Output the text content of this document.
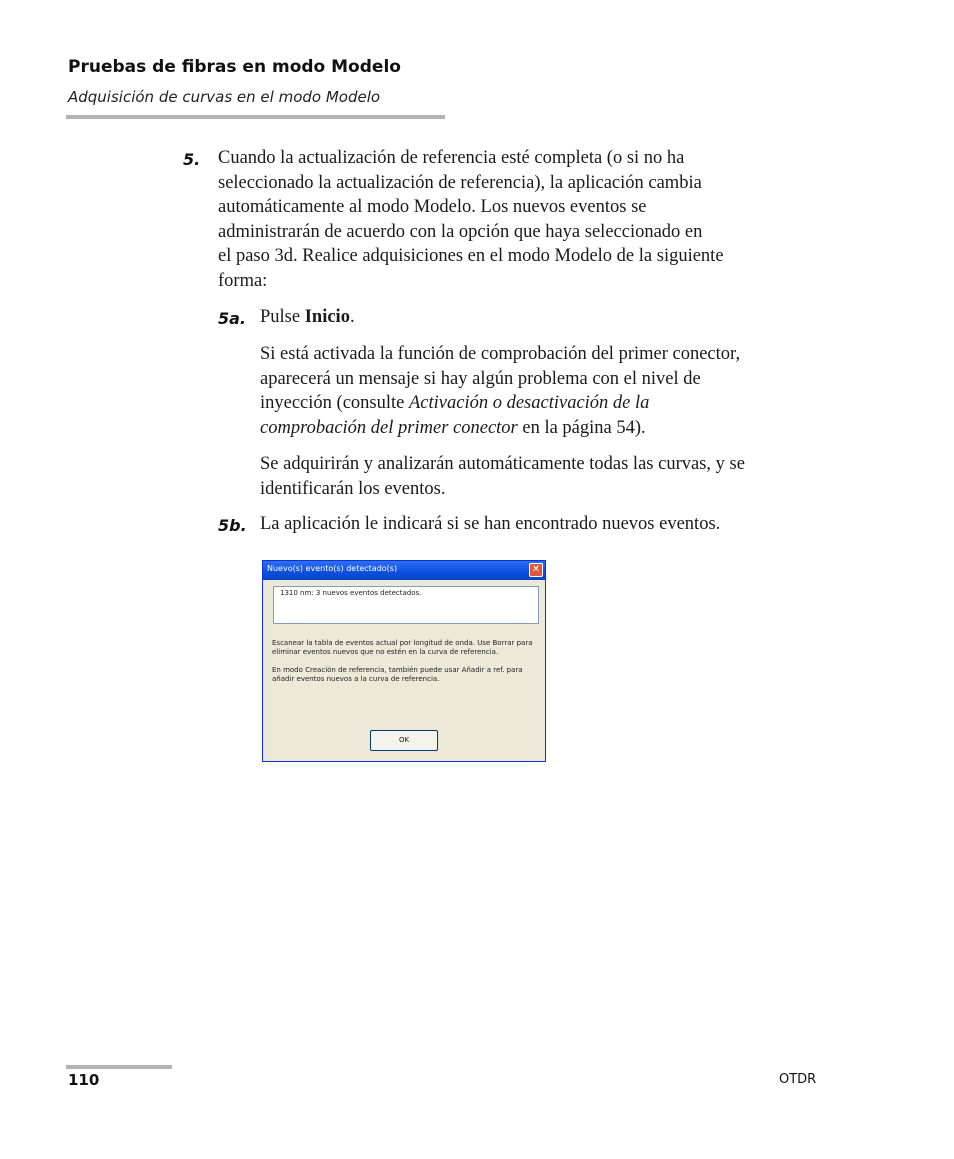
Pruebas de fibras en modo Modelo
Adquisición de curvas en el modo Modelo
5. Cuando la actualización de referencia esté completa (o si no ha
seleccionado la actualización de referencia), la aplicación cambia
automáticamente al modo Modelo. Los nuevos eventos se
administrarán de acuerdo con la opción que haya seleccionado en
el paso 3d. Realice adquisiciones en el modo Modelo de la siguiente
forma:
5a. Pulse Inicio.
Si está activada la función de comprobación del primer conector,
aparecerá un mensaje si hay algún problema con el nivel de
inyección (consulte Activación o desactivación de la
comprobación del primer conector en la página 54).
Se adquirirán y analizarán automáticamente todas las curvas, y se
identificarán los eventos.
5b. La aplicación le indicará si se han encontrado nuevos eventos.
Nuevo(s) evento(s) detectado(s)	✕
1310 nm: 3 nuevos eventos detectados.
Escanear la tabla de eventos actual por longitud de onda. Use Borrar para
eliminar eventos nuevos que no estén en la curva de referencia.
En modo Creación de referencia, también puede usar Añadir a ref. para
añadir eventos nuevos a la curva de referencia.
OK
110	OTDR
